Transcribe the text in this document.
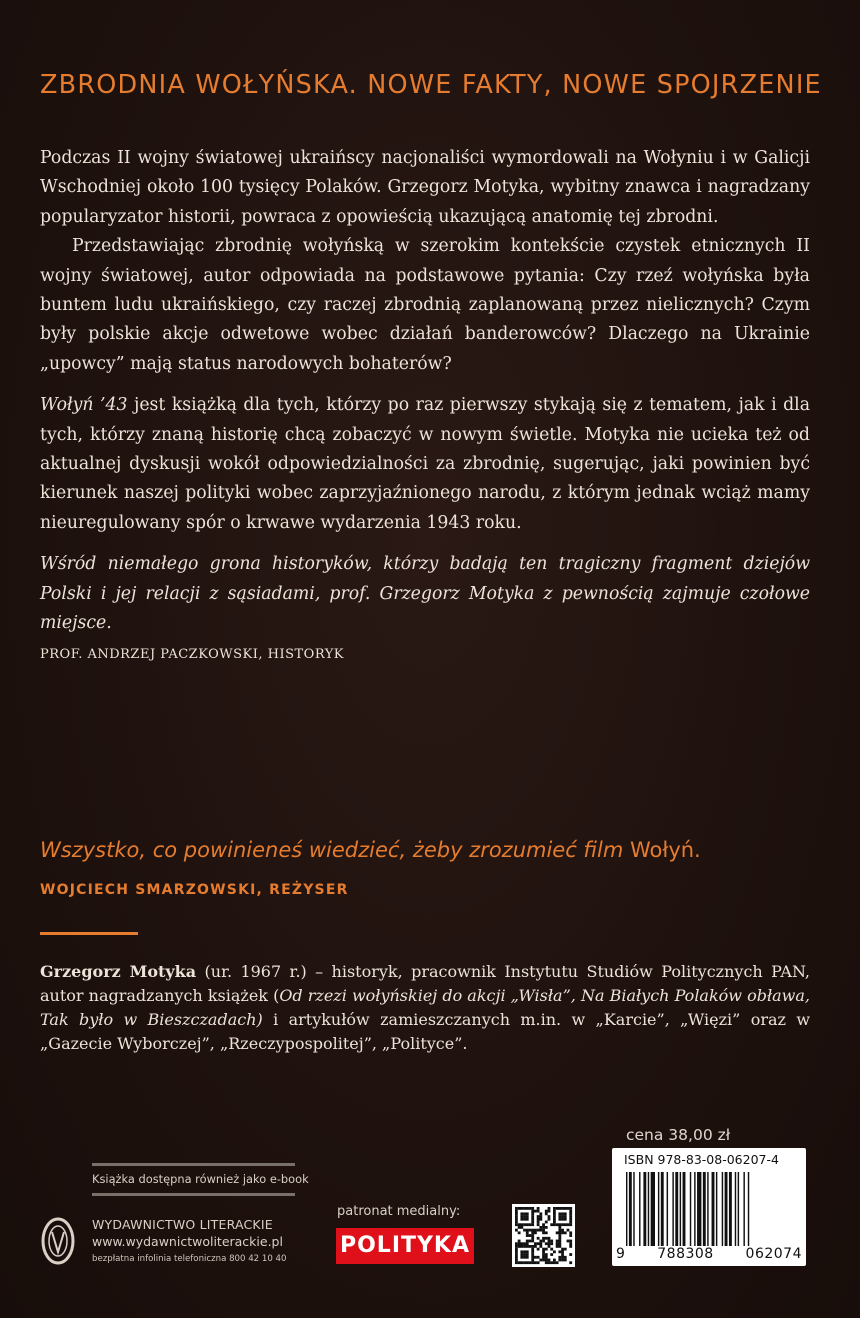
ZBRODNIA WOŁYŃSKA. NOWE FAKTY, NOWE SPOJRZENIE

Podczas II wojny światowej ukraińscy nacjonaliści wymordowali na Wołyniu i w Galicji Wschodniej około 100 tysięcy Polaków. Grzegorz Motyka, wybitny znawca i nagradzany popularyzator historii, powraca z opowieścią ukazującą anatomię tej zbrodni.

Przedstawiając zbrodnię wołyńską w szerokim kontekście czystek etnicznych II wojny światowej, autor odpowiada na podstawowe pytania: Czy rzeź wołyńska była buntem ludu ukraińskiego, czy raczej zbrodnią zaplanowaną przez nielicznych? Czym były polskie akcje odwetowe wobec działań banderowców? Dlaczego na Ukrainie „upowcy” mają status narodowych bohaterów?

Wołyń ’43 jest książką dla tych, którzy po raz pierwszy stykają się z tematem, jak i dla tych, którzy znaną historię chcą zobaczyć w nowym świetle. Motyka nie ucieka też od aktualnej dyskusji wokół odpowiedzialności za zbrodnię, sugerując, jaki powinien być kierunek naszej polityki wobec zaprzyjaźnionego narodu, z którym jednak wciąż mamy nieuregulowany spór o krwawe wydarzenia 1943 roku.

Wśród niemałego grona historyków, którzy badają ten tragiczny fragment dziejów Polski i jej relacji z sąsiadami, prof. Grzegorz Motyka z pewnością zajmuje czołowe miejsce.

PROF. ANDRZEJ PACZKOWSKI, HISTORYK
Wszystko, co powinieneś wiedzieć, żeby zrozumieć film Wołyń.
WOJCIECH SMARZOWSKI, REŻYSER
Grzegorz Motyka (ur. 1967 r.) – historyk, pracownik Instytutu Studiów Politycznych PAN, autor nagradzanych książek (Od rzezi wołyńskiej do akcji „Wisła”, Na Białych Polaków obława, Tak było w Bieszczadach) i artykułów zamieszczanych m.in. w „Karcie”, „Więzi” oraz w „Gazecie Wyborczej”, „Rzeczypospolitej”, „Polityce”.
cena 38,00 zł
ISBN 978-83-08-06207-4
9 788308 062074
Książka dostępna również jako e-book
WYDAWNICTWO LITERACKIE
www.wydawnictwoliterackie.pl
bezpłatna infolinia telefoniczna 800 42 10 40
patronat medialny:
POLITYKA
